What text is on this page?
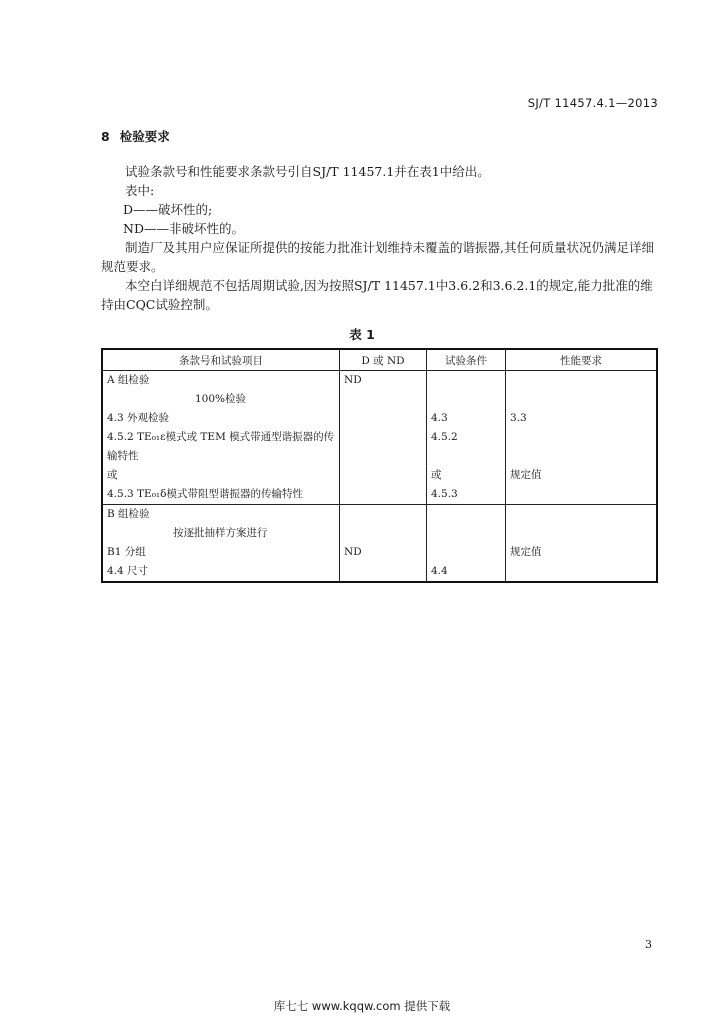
SJ/T 11457.4.1—2013
8 检验要求

试验条款号和性能要求条款号引自SJ/T 11457.1并在表1中给出。

表中:

D——破坏性的;

ND——非破坏性的。

制造厂及其用户应保证所提供的按能力批准计划维持未覆盖的谐振器,其任何质量状况仍满足详细规范要求。

本空白详细规范不包括周期试验,因为按照SJ/T 11457.1中3.6.2和3.6.2.1的规定,能力批准的维持由CQC试验控制。

表 1
条款号和试验项目	D 或 ND	试验条件	性能要求
A 组检验	ND		
100%检验			
4.3 外观检验		4.3	3.3
4.5.2 TE₀₁ε模式或 TEM 模式带通型谐振器的传		4.5.2	
输特性			
或		或	规定值
4.5.3 TE₀₁δ模式带阻型谐振器的传输特性		4.5.3	
B 组检验			
按逐批抽样方案进行			
B1 分组	ND		规定值
4.4 尺寸		4.4	
3
库七七 www.kqqw.com 提供下载
